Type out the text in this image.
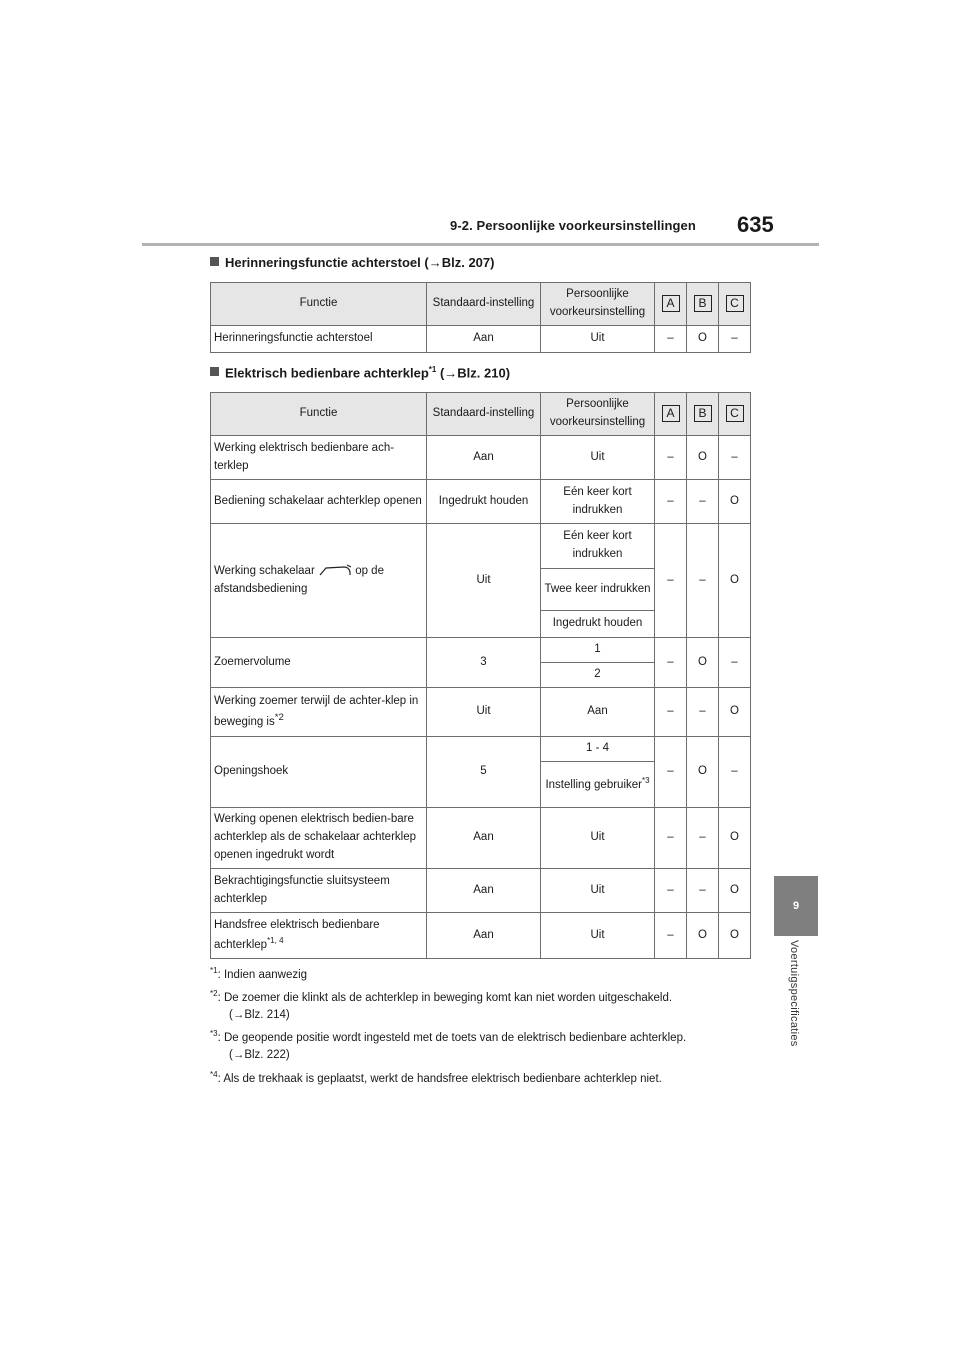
9-2. Persoonlijke voorkeursinstellingen 635
9
Voertuigspecificaties
Herinneringsfunctie achterstoel (→Blz. 207)
Functie	Standaard-instelling	Persoonlijke voorkeursinstelling	A	B	C
Herinneringsfunctie achterstoel	Aan	Uit	–	O	–
Elektrisch bedienbare achterklep$^{*1}$ (→Blz. 210)
Functie	Standaard-instelling	Persoonlijke voorkeursinstelling	A	B	C
Werking elektrisch bedienbare ach-terklep	Aan	Uit	–	O	–
Bediening schakelaar achterklep openen	Ingedrukt houden	Eén keer kort indrukken	–	–	O
Werking schakelaar op de afstandsbediening	Uit	Eén keer kort indrukken	–	–	O
		Twee keer indrukken			
		Ingedrukt houden			
Zoemervolume	3	1	–	O	–
		2			
Werking zoemer terwijl de achter-klep in beweging $is^{*2}$	Uit	Aan	–	–	O
Openingshoek	5	1 - 4	–	O	–
		Instelling gebruiker$^{*3}$
Werking openen elektrisch bedien-bare achterklep als de schakelaar achterklep openen ingedrukt wordt	Aan	Uit	–	–	O
Bekrachtigingsfunctie sluitsysteem achterklep	Aan	Uit	–	–	O
Handsfree elektrisch bedienbare achterklep$^{*1, 4}$	Aan	Uit	–	O	O
$^{*1}$: Indien aanwezig
$^{*2}$: De zoemer die klinkt als de achterklep in beweging komt kan niet worden uitgeschakeld.
(→Blz. 214)
$^{*3}$: De geopende positie wordt ingesteld met de toets van de elektrisch bedienbare achterklep.
(→Blz. 222)
$^{*4}$: Als de trekhaak is geplaatst, werkt de handsfree elektrisch bedienbare achterklep niet.
